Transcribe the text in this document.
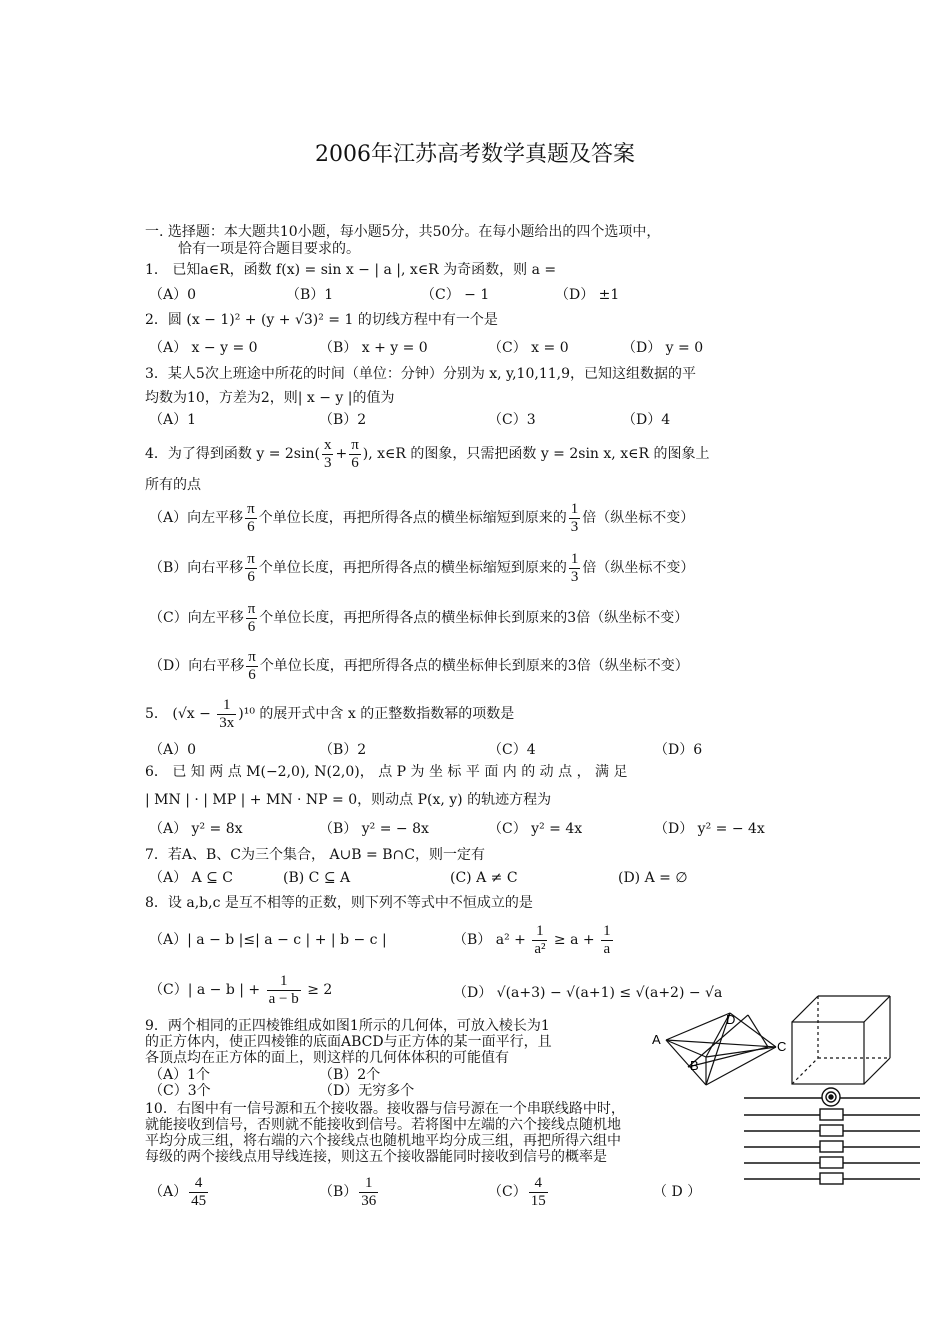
2006年江苏高考数学真题及答案
一. 选择题：本大题共10小题，每小题5分，共50分。在每小题给出的四个选项中，
恰有一项是符合题目要求的。
1． 已知a∈R，函数 f(x) = sin x − | a |, x∈R 为奇函数，则 a =
（A）0	（B）1	（C） − 1	（D） ±1
2．圆 (x − 1)² + (y + √3)² = 1 的切线方程中有一个是
（A） x − y = 0	（B） x + y = 0	（C） x = 0	（D） y = 0
3．某人5次上班途中所花的时间（单位：分钟）分别为 x, y,10,11,9，已知这组数据的平
均数为10，方差为2，则| x − y |的值为
（A）1	（B）2	（C）3	（D）4
4．为了得到函数 $y = 2\sin( \frac{x}{3} + \frac{\pi}{6}$ ), x∈R 的图象，只需把函数 y = 2sin x, x∈R 的图象上
所有的点
（A）向左平移 $\frac{\pi}{6}$ 个单位长度，再把所得各点的横坐标缩短到原来的 $\frac{1}{3}$ 倍（纵坐标不变）
（B）向右平移 $\frac{\pi}{6}$ 个单位长度，再把所得各点的横坐标缩短到原来的 $\frac{1}{3}$ 倍（纵坐标不变）
（C）向左平移 $\frac{\pi}{6}$ 个单位长度，再把所得各点的横坐标伸长到原来的3倍（纵坐标不变）
（D）向右平移 $\frac{\pi}{6}$ 个单位长度，再把所得各点的横坐标伸长到原来的3倍（纵坐标不变）
5． $(√x - \frac{1}{3x} )^{10}$ 的展开式中含 x 的正整数指数幂的项数是
（A）0	（B）2	（C）4	（D）6
6． 已 知 两 点 M(−2,0), N(2,0)， 点 P 为 坐 标 平 面 内 的 动 点 ， 满 足
| MN | · | MP | + MN · NP = 0，则动点 P(x, y) 的轨迹方程为
（A） y² = 8x	（B） y² = − 8x	（C） y² = 4x	（D） y² = − 4x
7．若A、B、C为三个集合， A∪B = B∩C，则一定有
（A） A ⊆ C	(B) C ⊆ A	(C) A ≠ C	(D) A = ∅
8．设 a,b,c 是互不相等的正数，则下列不等式中不恒成立的是
（A）| a − b |≤| a − c | + | b − c |	（B） $a^2 + \frac{1}{\text{a²}} \ge a + \frac{1}{a}$
（C）| a − b | + $\frac{1}{a - b} \ge 2$	（D） √(a+3) − √(a+1) ≤ √(a+2) − √a
9．两个相同的正四棱锥组成如图1所示的几何体，可放入棱长为1
的正方体内，使正四棱锥的底面ABCD与正方体的某一面平行，且
各顶点均在正方体的面上，则这样的几何体体积的可能值有
（A）1个	（B）2个
（C）3个	（D）无穷多个
A
B
C
D
10．右图中有一信号源和五个接收器。接收器与信号源在一个串联线路中时，
就能接收到信号，否则就不能接收到信号。若将图中左端的六个接线点随机地
平均分成三组，将右端的六个接线点也随机地平均分成三组，再把所得六组中
每级的两个接线点用导线连接，则这五个接收器能同时接收到信号的概率是
$(A) \frac{4}{45}$	$(B) \frac{1}{36}$	$(C) \frac{4}{15}$	（ D ）
